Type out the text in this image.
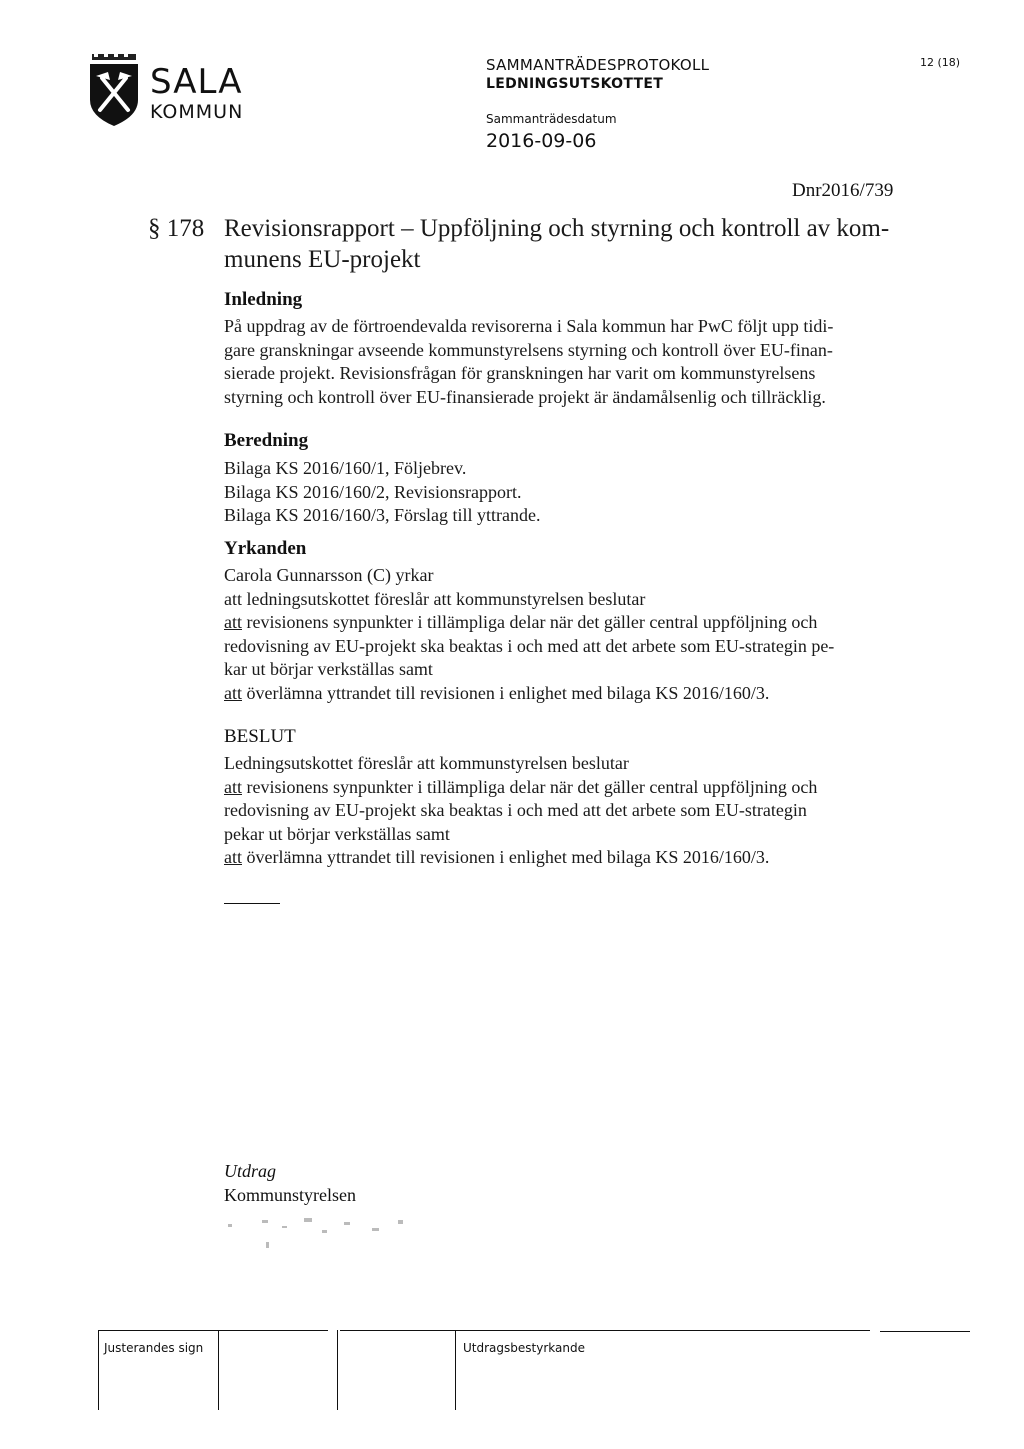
SALA
KOMMUN
SAMMANTRÄDESPROTOKOLL
LEDNINGSUTSKOTTET
Sammanträdesdatum
2016-09-06
12 (18)
Dnr2016/739
§ 178 Revisionsrapport – Uppföljning och styrning och kontroll av kom-
munens EU-projekt
Inledning
På uppdrag av de förtroendevalda revisorerna i Sala kommun har PwC följt upp tidi-
gare granskningar avseende kommunstyrelsens styrning och kontroll över EU-finan-
sierade projekt. Revisionsfrågan för granskningen har varit om kommunstyrelsens
styrning och kontroll över EU-finansierade projekt är ändamålsenlig och tillräcklig.
Beredning
Bilaga KS 2016/160/1, Följebrev.
Bilaga KS 2016/160/2, Revisionsrapport.
Bilaga KS 2016/160/3, Förslag till yttrande.
Yrkanden
Carola Gunnarsson (C) yrkar
att ledningsutskottet föreslår att kommunstyrelsen beslutar
att revisionens synpunkter i tillämpliga delar när det gäller central uppföljning och
redovisning av EU-projekt ska beaktas i och med att det arbete som EU-strategin pe-
kar ut börjar verkställas samt
att överlämna yttrandet till revisionen i enlighet med bilaga KS 2016/160/3.
BESLUT
Ledningsutskottet föreslår att kommunstyrelsen beslutar
att revisionens synpunkter i tillämpliga delar när det gäller central uppföljning och
redovisning av EU-projekt ska beaktas i och med att det arbete som EU-strategin
pekar ut börjar verkställas samt
att överlämna yttrandet till revisionen i enlighet med bilaga KS 2016/160/3.
Utdrag
Kommunstyrelsen
Justerandes sign	Utdragsbestyrkande
